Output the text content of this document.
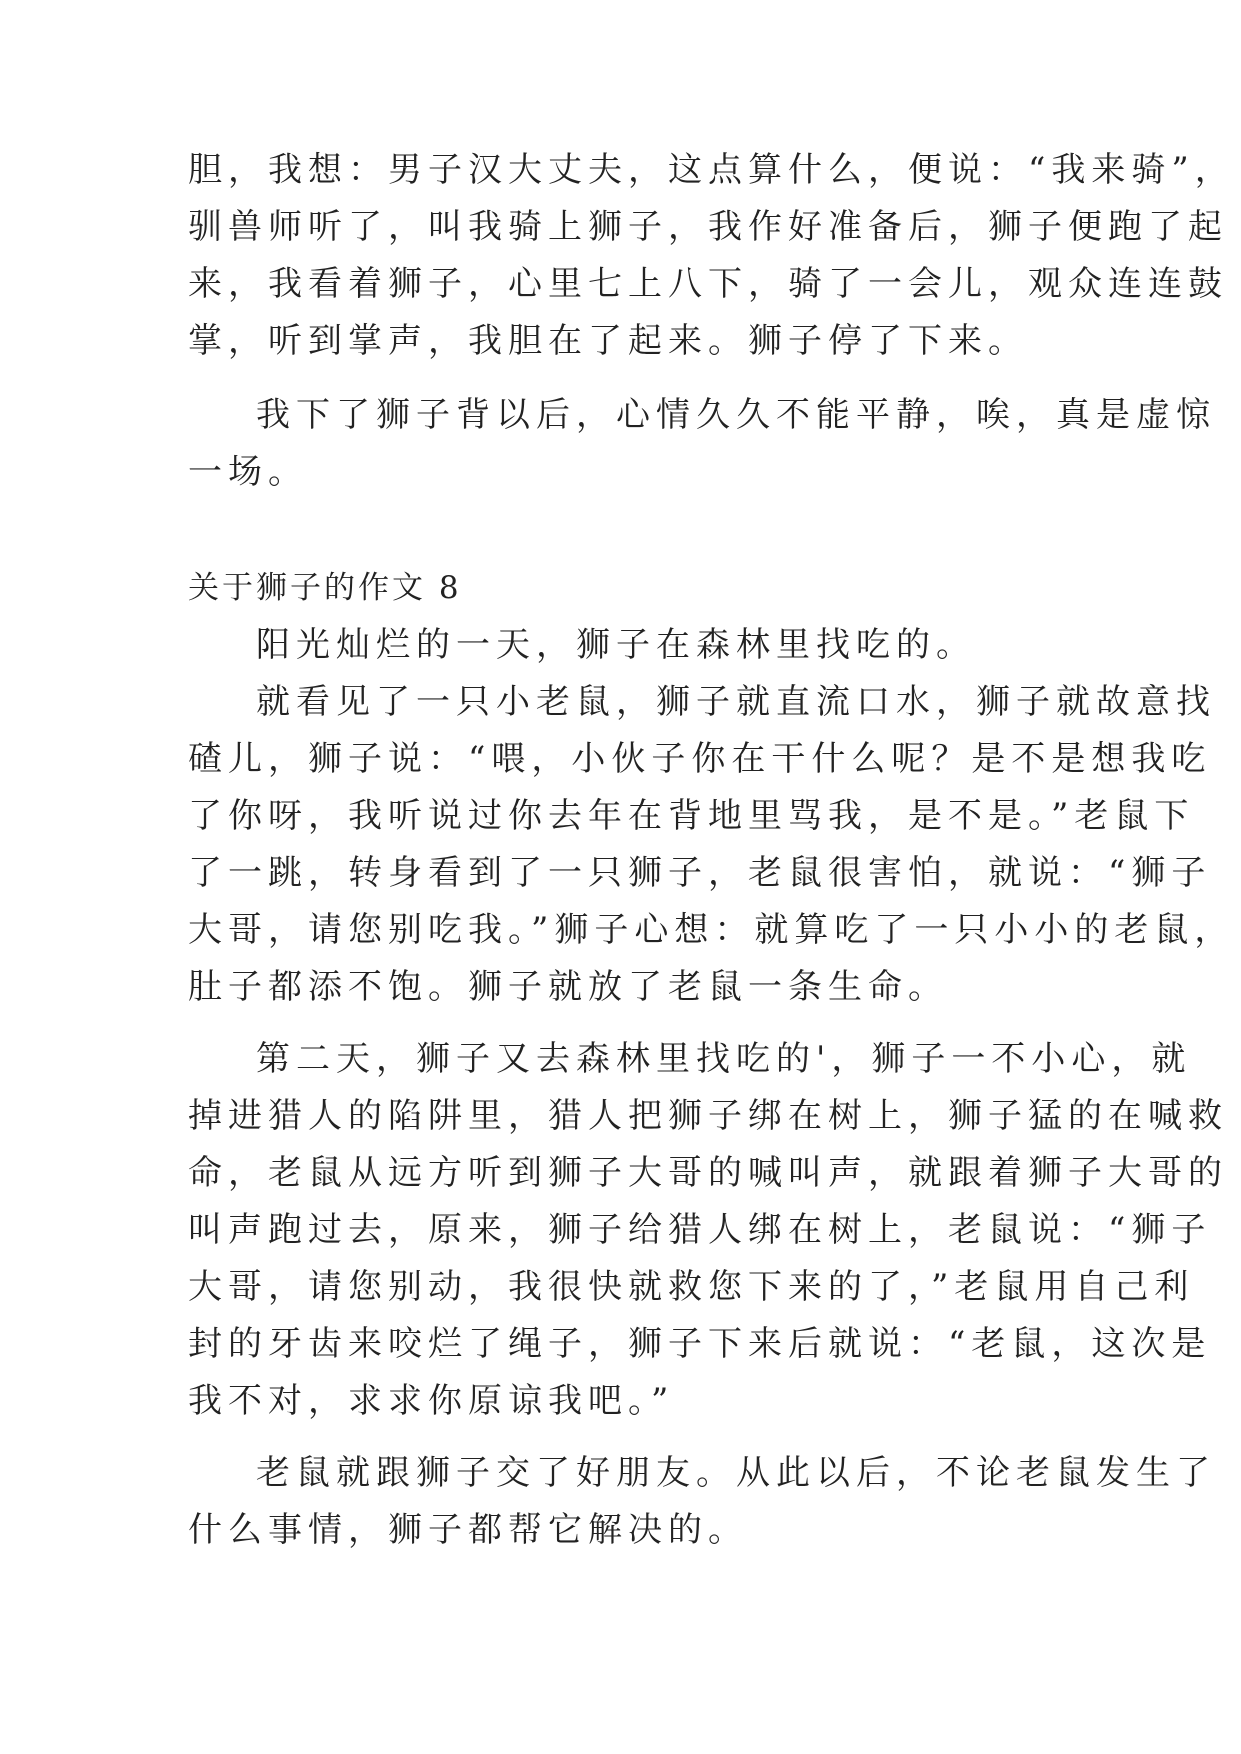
胆，我想：男子汉大丈夫，这点算什么，便说：“我来骑”，
驯兽师听了，叫我骑上狮子，我作好准备后，狮子便跑了起
来，我看着狮子，心里七上八下，骑了一会儿，观众连连鼓
掌，听到掌声，我胆在了起来。狮子停了下来。
我下了狮子背以后，心情久久不能平静，唉，真是虚惊
一场。
关于狮子的作文 8
阳光灿烂的一天，狮子在森林里找吃的。
就看见了一只小老鼠，狮子就直流口水，狮子就故意找
碴儿，狮子说：“喂，小伙子你在干什么呢？是不是想我吃
了你呀，我听说过你去年在背地里骂我，是不是。”老鼠下
了一跳，转身看到了一只狮子，老鼠很害怕，就说：“狮子
大哥，请您别吃我。”狮子心想：就算吃了一只小小的老鼠，
肚子都添不饱。狮子就放了老鼠一条生命。
第二天，狮子又去森林里找吃的'，狮子一不小心，就
掉进猎人的陷阱里，猎人把狮子绑在树上，狮子猛的在喊救
命，老鼠从远方听到狮子大哥的喊叫声，就跟着狮子大哥的
叫声跑过去，原来，狮子给猎人绑在树上，老鼠说：“狮子
大哥，请您别动，我很快就救您下来的了，”老鼠用自己利
封的牙齿来咬烂了绳子，狮子下来后就说：“老鼠，这次是
我不对，求求你原谅我吧。”
老鼠就跟狮子交了好朋友。从此以后，不论老鼠发生了
什么事情，狮子都帮它解决的。
